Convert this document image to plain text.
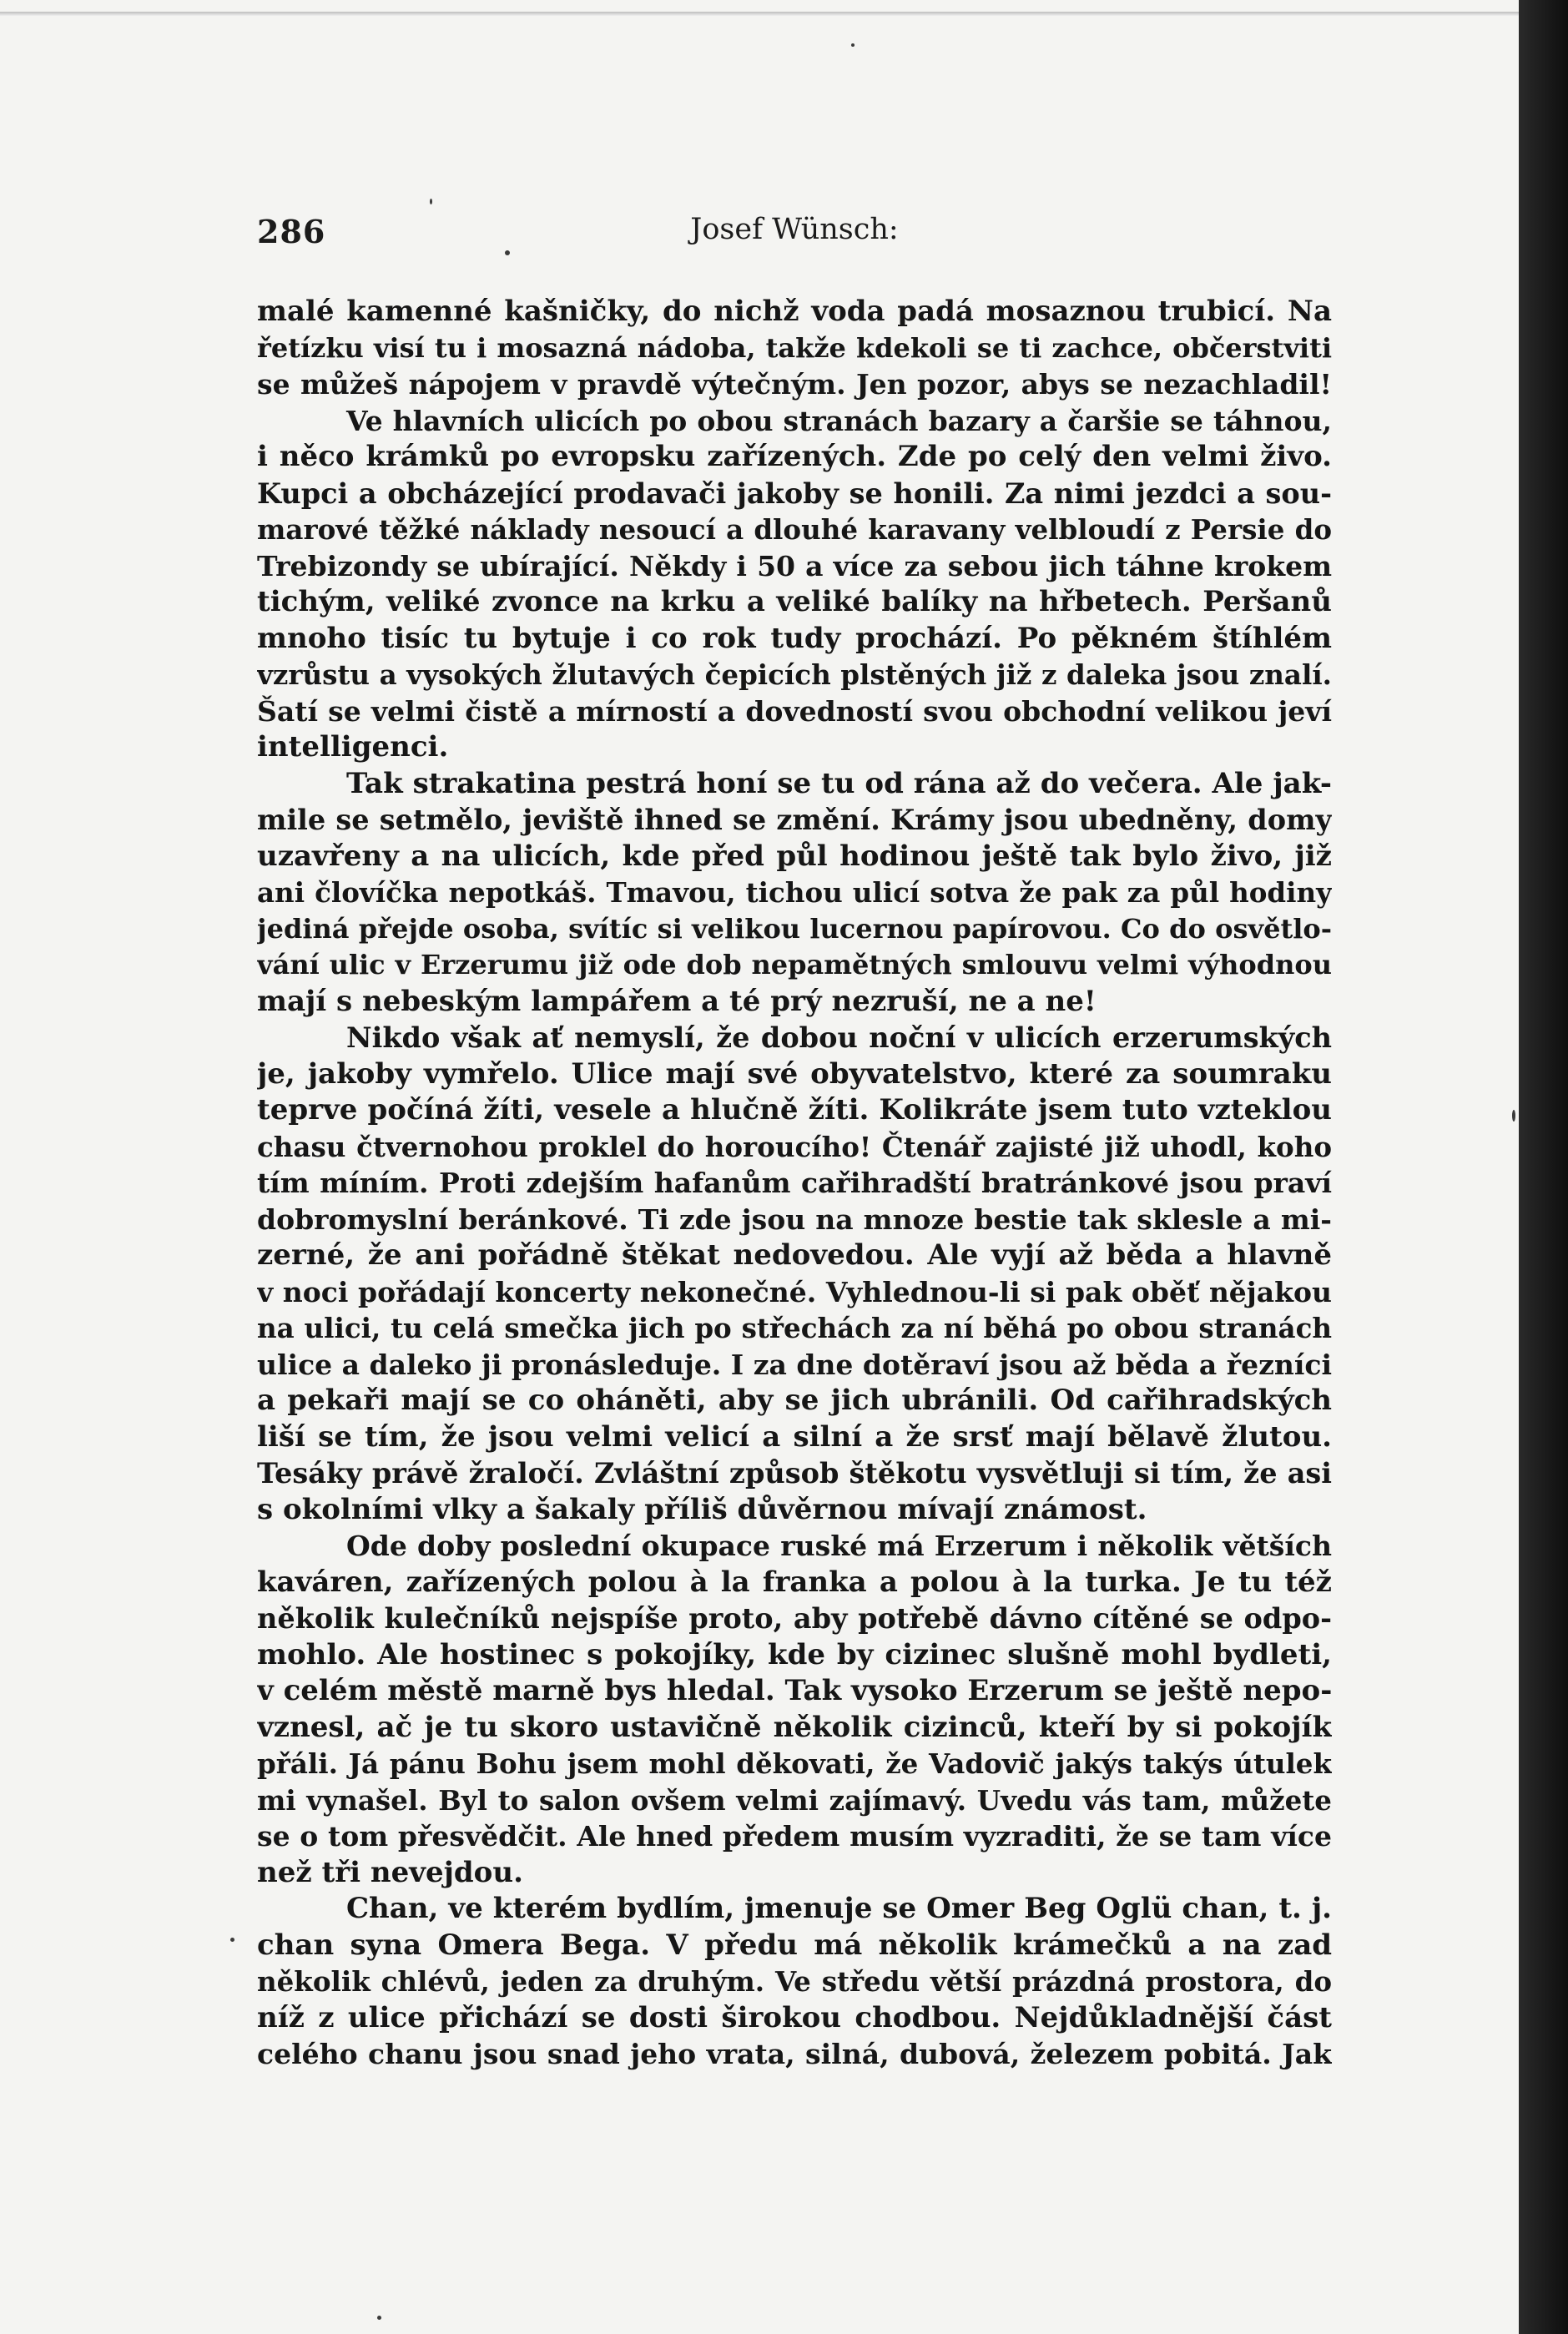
286	Josef Wünsch:
malé kamenné kašničky, do nichž voda padá mosaznou trubicí. Na
řetízku visí tu i mosazná nádoba, takže kdekoli se ti zachce, občerstviti
se můžeš nápojem v pravdě výtečným. Jen pozor, abys se nezachladil!
Ve hlavních ulicích po obou stranách bazary a čaršie se táhnou,
i něco krámků po evropsku zařízených. Zde po celý den velmi živo.
Kupci a obcházející prodavači jakoby se honili. Za nimi jezdci a sou-
marové těžké náklady nesoucí a dlouhé karavany velbloudí z Persie do
Trebizondy se ubírající. Někdy i 50 a více za sebou jich táhne krokem
tichým, veliké zvonce na krku a veliké balíky na hřbetech. Peršanů
mnoho tisíc tu bytuje i co rok tudy prochází. Po pěkném štíhlém
vzrůstu a vysokých žlutavých čepicích plstěných již z daleka jsou znalí.
Šatí se velmi čistě a mírností a dovedností svou obchodní velikou jeví
intelligenci.
Tak strakatina pestrá honí se tu od rána až do večera. Ale jak-
mile se setmělo, jeviště ihned se změní. Krámy jsou ubedněny, domy
uzavřeny a na ulicích, kde před půl hodinou ještě tak bylo živo, již
ani človíčka nepotkáš. Tmavou, tichou ulicí sotva že pak za půl hodiny
jediná přejde osoba, svítíc si velikou lucernou papírovou. Co do osvětlo-
vání ulic v Erzerumu již ode dob nepamětných smlouvu velmi výhodnou
mají s nebeským lampářem a té prý nezruší, ne a ne!
Nikdo však ať nemyslí, že dobou noční v ulicích erzerumských
je, jakoby vymřelo. Ulice mají své obyvatelstvo, které za soumraku
teprve počíná žíti, vesele a hlučně žíti. Kolikráte jsem tuto vzteklou
chasu čtvernohou proklel do horoucího! Čtenář zajisté již uhodl, koho
tím míním. Proti zdejším hafanům cařihradští bratránkové jsou praví
dobromyslní beránkové. Ti zde jsou na mnoze bestie tak sklesle a mi-
zerné, že ani pořádně štěkat nedovedou. Ale vyjí až běda a hlavně
v noci pořádají koncerty nekonečné. Vyhlednou-li si pak oběť nějakou
na ulici, tu celá smečka jich po střechách za ní běhá po obou stranách
ulice a daleko ji pronásleduje. I za dne dotěraví jsou až běda a řezníci
a pekaři mají se co oháněti, aby se jich ubránili. Od cařihradských
liší se tím, že jsou velmi velicí a silní a že srsť mají bělavě žlutou.
Tesáky právě žraločí. Zvláštní způsob štěkotu vysvětluji si tím, že asi
s okolními vlky a šakaly příliš důvěrnou mívají známost.
Ode doby poslední okupace ruské má Erzerum i několik větších
kaváren, zařízených polou à la franka a polou à la turka. Je tu též
několik kulečníků nejspíše proto, aby potřebě dávno cítěné se odpo-
mohlo. Ale hostinec s pokojíky, kde by cizinec slušně mohl bydleti,
v celém městě marně bys hledal. Tak vysoko Erzerum se ještě nepo-
vznesl, ač je tu skoro ustavičně několik cizinců, kteří by si pokojík
přáli. Já pánu Bohu jsem mohl děkovati, že Vadovič jakýs takýs útulek
mi vynašel. Byl to salon ovšem velmi zajímavý. Uvedu vás tam, můžete
se o tom přesvědčit. Ale hned předem musím vyzraditi, že se tam více
než tři nevejdou.
Chan, ve kterém bydlím, jmenuje se Omer Beg Oglü chan, t. j.
chan syna Omera Bega. V předu má několik krámečků a na zad
několik chlévů, jeden za druhým. Ve středu větší prázdná prostora, do
níž z ulice přichází se dosti širokou chodbou. Nejdůkladnější část
celého chanu jsou snad jeho vrata, silná, dubová, železem pobitá. Jak
